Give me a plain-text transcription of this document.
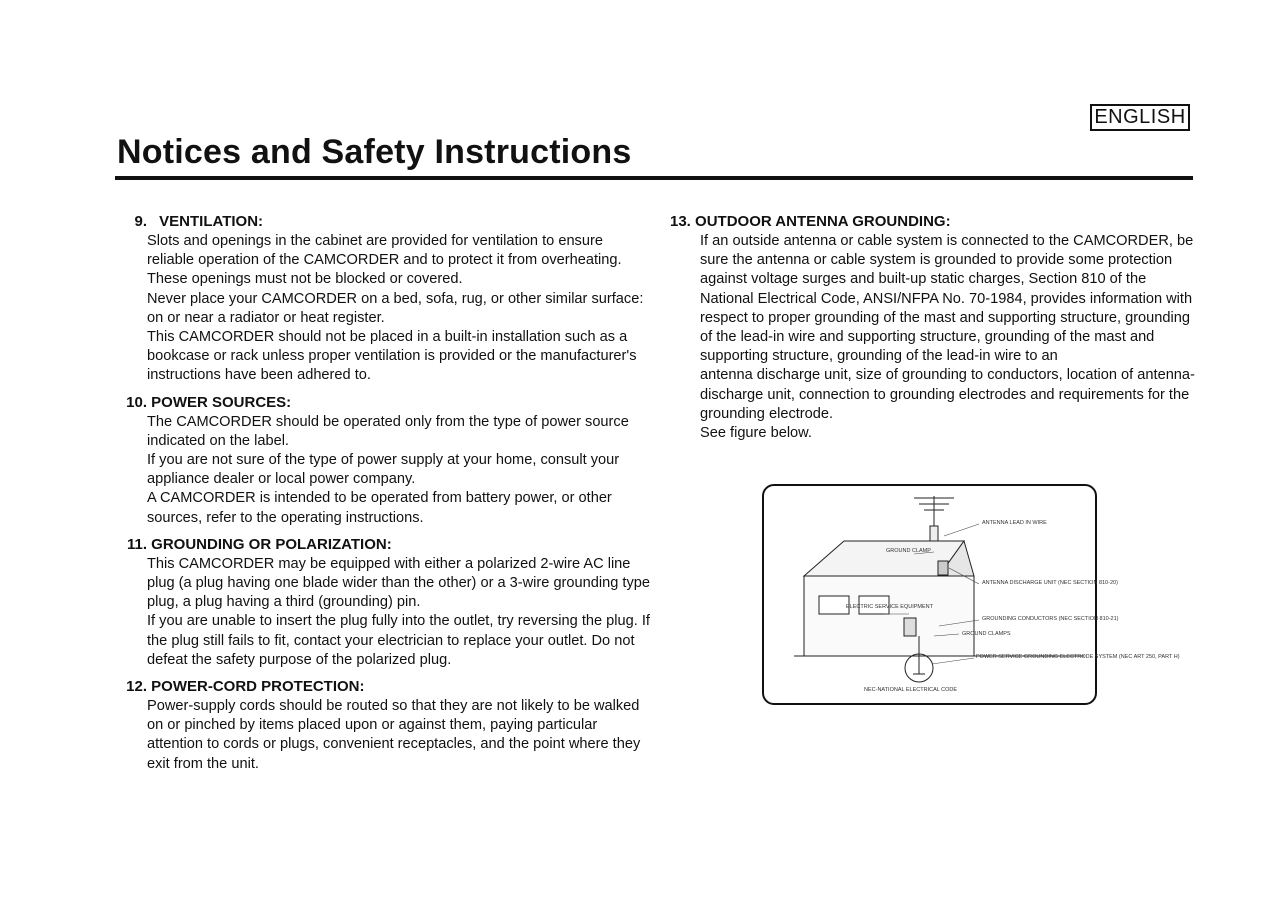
ENGLISH
Notices and Safety Instructions
9. VENTILATION:

Slots and openings in the cabinet are provided for ventilation to ensure reliable operation of the CAMCORDER and to protect it from overheating. These openings must not be blocked or covered.

Never place your CAMCORDER on a bed, sofa, rug, or other similar surface: on or near a radiator or heat register.

This CAMCORDER should not be placed in a built-in installation such as a bookcase or rack unless proper ventilation is provided or the manufacturer's instructions have been adhered to.

10. POWER SOURCES:

The CAMCORDER should be operated only from the type of power source indicated on the label.

If you are not sure of the type of power supply at your home, consult your appliance dealer or local power company.

A CAMCORDER is intended to be operated from battery power, or other sources, refer to the operating instructions.

11. GROUNDING OR POLARIZATION:

This CAMCORDER may be equipped with either a polarized 2-wire AC line plug (a plug having one blade wider than the other) or a 3-wire grounding type plug, a plug having a third (grounding) pin.

If you are unable to insert the plug fully into the outlet, try reversing the plug. If the plug still fails to fit, contact your electrician to replace your outlet. Do not defeat the safety purpose of the polarized plug.

12. POWER-CORD PROTECTION:

Power-supply cords should be routed so that they are not likely to be walked on or pinched by items placed upon or against them, paying particular attention to cords or plugs, convenient receptacles, and the point where they exit from the unit.

13. OUTDOOR ANTENNA GROUNDING:

If an outside antenna or cable system is connected to the CAMCORDER, be sure the antenna or cable system is grounded to provide some protection against voltage surges and built-up static charges, Section 810 of the National Electrical Code, ANSI/NFPA No. 70-1984, provides information with respect to proper grounding of the mast and supporting structure, grounding of the lead-in wire and supporting structure, grounding of the mast and supporting structure, grounding of the lead-in wire to an

antenna discharge unit, size of grounding to conductors, location of antenna-discharge unit, connection to grounding electrodes and requirements for the grounding electrode.

See figure below.

ANTENNA LEAD IN WIRE
GROUND CLAMP
ANTENNA DISCHARGE UNIT (NEC SECTION 810-20)
ELECTRIC SERVICE EQUIPMENT
GROUNDING CONDUCTORS (NEC SECTION 810-21)
GROUND CLAMPS
POWER SERVICE GROUNDING ELECTRODE SYSTEM (NEC ART 250, PART H)
NEC-NATIONAL ELECTRICAL CODE
